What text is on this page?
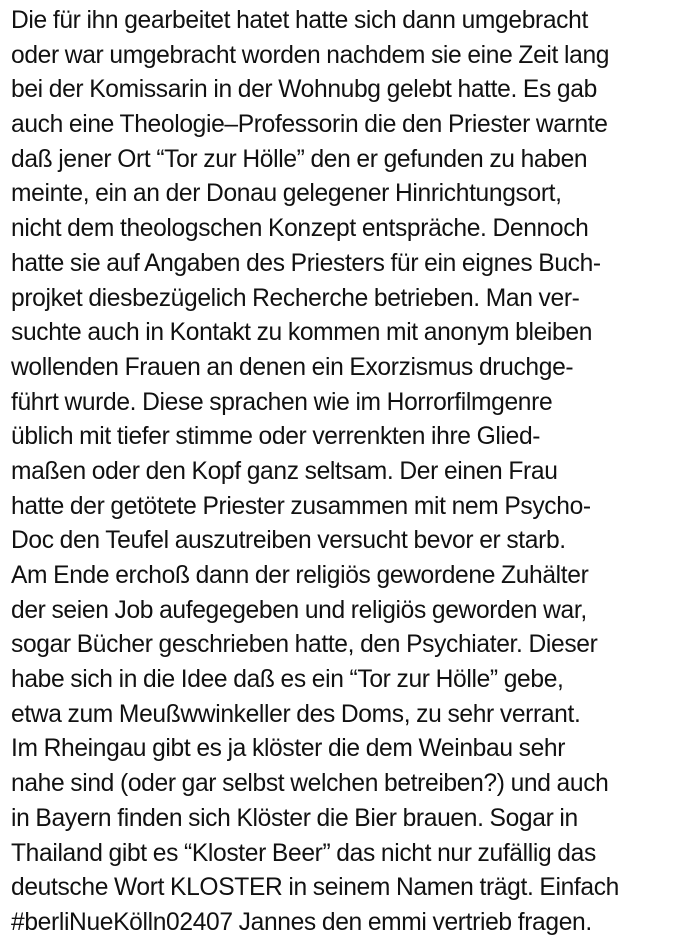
Die für ihn gearbeitet hatet hatte sich dann umgebracht
oder war umgebracht worden nachdem sie eine Zeit lang
bei der Komissarin in der Wohnubg gelebt hatte. Es gab
auch eine Theologie–Professorin die den Priester warnte
daß jener Ort “Tor zur Hölle” den er gefunden zu haben
meinte, ein an der Donau gelegener Hinrichtungsort,
nicht dem theologschen Konzept entspräche. Dennoch
hatte sie auf Angaben des Priesters für ein eignes Buch-
projket diesbezügelich Recherche betrieben. Man ver-
suchte auch in Kontakt zu kommen mit anonym bleiben
wollenden Frauen an denen ein Exorzismus druchge-
führt wurde. Diese sprachen wie im Horrorfilmgenre
üblich mit tiefer stimme oder verrenkten ihre Glied-
maßen oder den Kopf ganz seltsam. Der einen Frau
hatte der getötete Priester zusammen mit nem Psycho-
Doc den Teufel auszutreiben versucht bevor er starb.
Am Ende erchoß dann der religiös gewordene Zuhälter
der seien Job aufegegeben und religiös geworden war,
sogar Bücher geschrieben hatte, den Psychiater. Dieser
habe sich in die Idee daß es ein “Tor zur Hölle” gebe,
etwa zum Meußwwinkeller des Doms, zu sehr verrant.
Im Rheingau gibt es ja klöster die dem Weinbau sehr
nahe sind (oder gar selbst welchen betreiben?) und auch
in Bayern finden sich Klöster die Bier brauen. Sogar in
Thailand gibt es “Kloster Beer” das nicht nur zufällig das
deutsche Wort KLOSTER in seinem Namen trägt. Einfach
#berliNueKölln02407 Jannes den emmi vertrieb fragen.
